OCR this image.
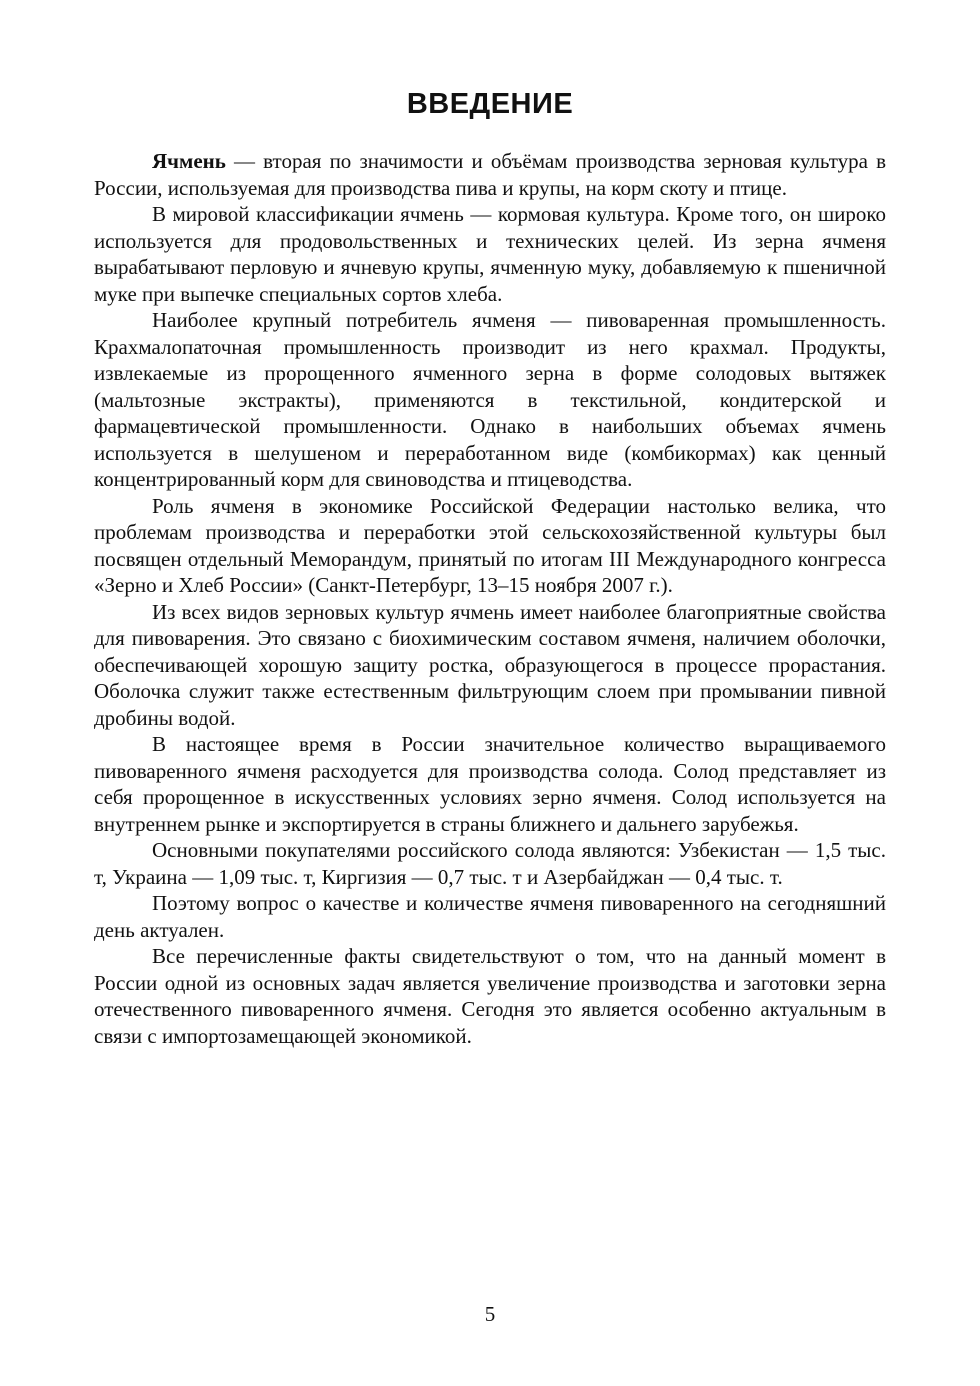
ВВЕДЕНИЕ

Ячмень — вторая по значимости и объёмам производства зерновая культура в России, используемая для производства пива и крупы, на корм скоту и птице.

В мировой классификации ячмень — кормовая культура. Кроме того, он широко используется для продовольственных и технических целей. Из зерна ячменя вырабатывают перловую и ячневую крупы, ячменную муку, добавляемую к пшеничной муке при выпечке специальных сортов хлеба.

Наиболее крупный потребитель ячменя — пивоваренная промышленность. Крахмалопаточная промышленность производит из него крахмал. Продукты, извлекаемые из пророщенного ячменного зерна в форме солодовых вытяжек (мальтозные экстракты), применяются в текстильной, кондитерской и фармацевтической промышленности. Однако в наибольших объемах ячмень используется в шелушеном и переработанном виде (комбикормах) как ценный концентрированный корм для свиноводства и птицеводства.

Роль ячменя в экономике Российской Федерации настолько велика, что проблемам производства и переработки этой сельскохозяйственной культуры был посвящен отдельный Меморандум, принятый по итогам III Международного конгресса «Зерно и Хлеб России» (Санкт-Петербург, 13–15 ноября 2007 г.).

Из всех видов зерновых культур ячмень имеет наиболее благоприятные свойства для пивоварения. Это связано с биохимическим составом ячменя, наличием оболочки, обеспечивающей хорошую защиту ростка, образующегося в процессе прорастания. Оболочка служит также естественным фильтрующим слоем при промывании пивной дробины водой.

В настоящее время в России значительное количество выращиваемого пивоваренного ячменя расходуется для производства солода. Солод представляет из себя пророщенное в искусственных условиях зерно ячменя. Солод используется на внутреннем рынке и экспортируется в страны ближнего и дальнего зарубежья.

Основными покупателями российского солода являются: Узбекистан — 1,5 тыс. т, Украина — 1,09 тыс. т, Киргизия — 0,7 тыс. т и Азербайджан — 0,4 тыс. т.

Поэтому вопрос о качестве и количестве ячменя пивоваренного на сегодняшний день актуален.

Все перечисленные факты свидетельствуют о том, что на данный момент в России одной из основных задач является увеличение производства и заготовки зерна отечественного пивоваренного ячменя. Сегодня это является особенно актуальным в связи с импортозамещающей экономикой.

5
